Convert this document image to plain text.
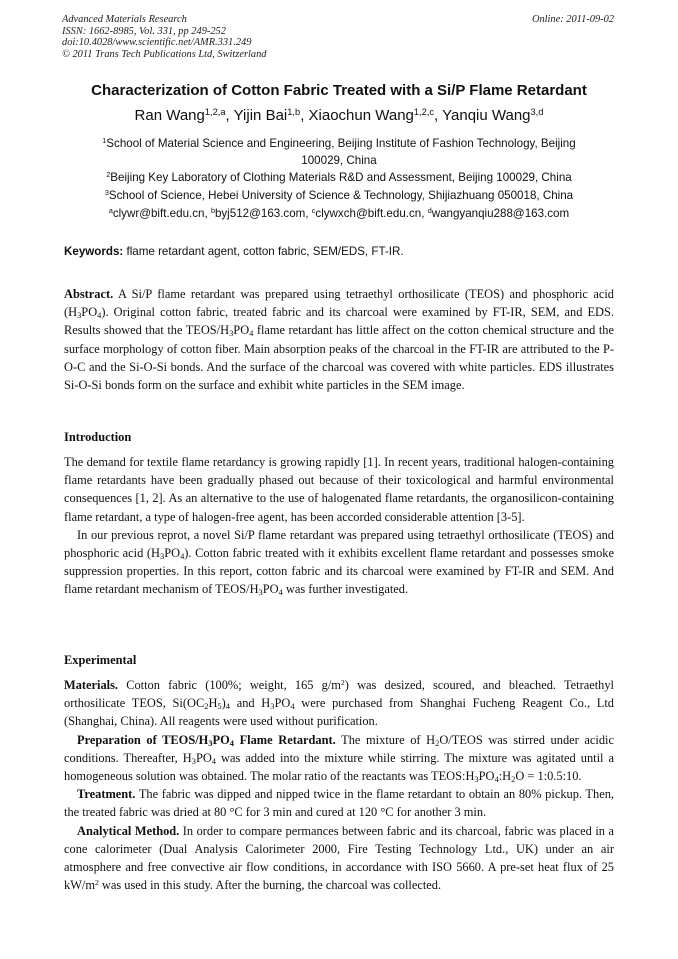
Advanced Materials Research
ISSN: 1662-8985, Vol. 331, pp 249-252
doi:10.4028/www.scientific.net/AMR.331.249
© 2011 Trans Tech Publications Ltd, Switzerland
Online: 2011-09-02
Characterization of Cotton Fabric Treated with a Si/P Flame Retardant
Ran Wang$^{1,2,a}$, Yijin Bai$^{1,b}$, Xiaochun Wang$^{1,2,c}$, Yanqiu Wang$^{3,d}$
$^1$School of Material Science and Engineering, Beijing Institute of Fashion Technology, Beijing
100029, China
$^2$Beijing Key Laboratory of Clothing Materials R&D and Assessment, Beijing 100029, China
$^3$School of Science, Hebei University of Science & Technology, Shijiazhuang 050018, China
$^a$clywr@bift.edu.cn, $^b$byj512@163.com, $^c$clywxch@bift.edu.cn, $^d$wangyanqiu288@163.com
Keywords: flame retardant agent, cotton fabric, SEM/EDS, FT-IR.

Abstract. A Si/P flame retardant was prepared using tetraethyl orthosilicate (TEOS) and phosphoric acid $(H_3PO_4)$. Original cotton fabric, treated fabric and its charcoal were examined by FT-IR, SEM, and EDS. Results showed that the TEOS/$H_3PO_4$ flame retardant has little affect on the cotton chemical structure and the surface morphology of cotton fiber. Main absorption peaks of the charcoal in the FT-IR are attributed to the P-O-C and the Si-O-Si bonds. And the surface of the charcoal was covered with white particles. EDS illustrates Si-O-Si bonds form on the surface and exhibit white particles in the SEM image.

Introduction

The demand for textile flame retardancy is growing rapidly [1]. In recent years, traditional halogen-containing flame retardants have been gradually phased out because of their toxicological and harmful environmental consequences [1, 2]. As an alternative to the use of halogenated flame retardants, the organosilicon-containing flame retardant, a type of halogen-free agent, has been accorded considerable attention [3-5].

In our previous reprot, a novel Si/P flame retardant was prepared using tetraethyl orthosilicate (TEOS) and phosphoric acid $(H_3PO_4)$. Cotton fabric treated with it exhibits excellent flame retardant and possesses smoke suppression properties. In this report, cotton fabric and its charcoal were examined by FT-IR and SEM. And flame retardant mechanism of TEOS/$H_3PO_4$ was further investigated.

Experimental

Materials. Cotton fabric (100%; weight, 165 $g/m^2$) was desized, scoured, and bleached. Tetraethyl orthosilicate TEOS, $Si(OC_2H_5)_4$ and $H_3PO_4$ were purchased from Shanghai Fucheng Reagent Co., Ltd (Shanghai, China). All reagents were used without purification.

Preparation of TEOS/$H_3PO_4$ Flame Retardant. The mixture of $H_2O$/TEOS was stirred under acidic conditions. Thereafter, $H_3PO_4$ was added into the mixture while stirring. The mixture was agitated until a homogeneous solution was obtained. The molar ratio of the reactants was $TEOS:H_3PO_4:H_2O$ = 1:0.5:10.

Treatment. The fabric was dipped and nipped twice in the flame retardant to obtain an 80% pickup. Then, the treated fabric was dried at 80 °C for 3 min and cured at 120 °C for another 3 min.

Analytical Method. In order to compare permances between fabric and its charcoal, fabric was placed in a cone calorimeter (Dual Analysis Calorimeter 2000, Fire Testing Technology Ltd., UK) under an air atmosphere and free convective air flow conditions, in accordance with ISO 5660. A pre-set heat flux of 25 $kW/m^2$ was used in this study. After the burning, the charcoal was collected.
